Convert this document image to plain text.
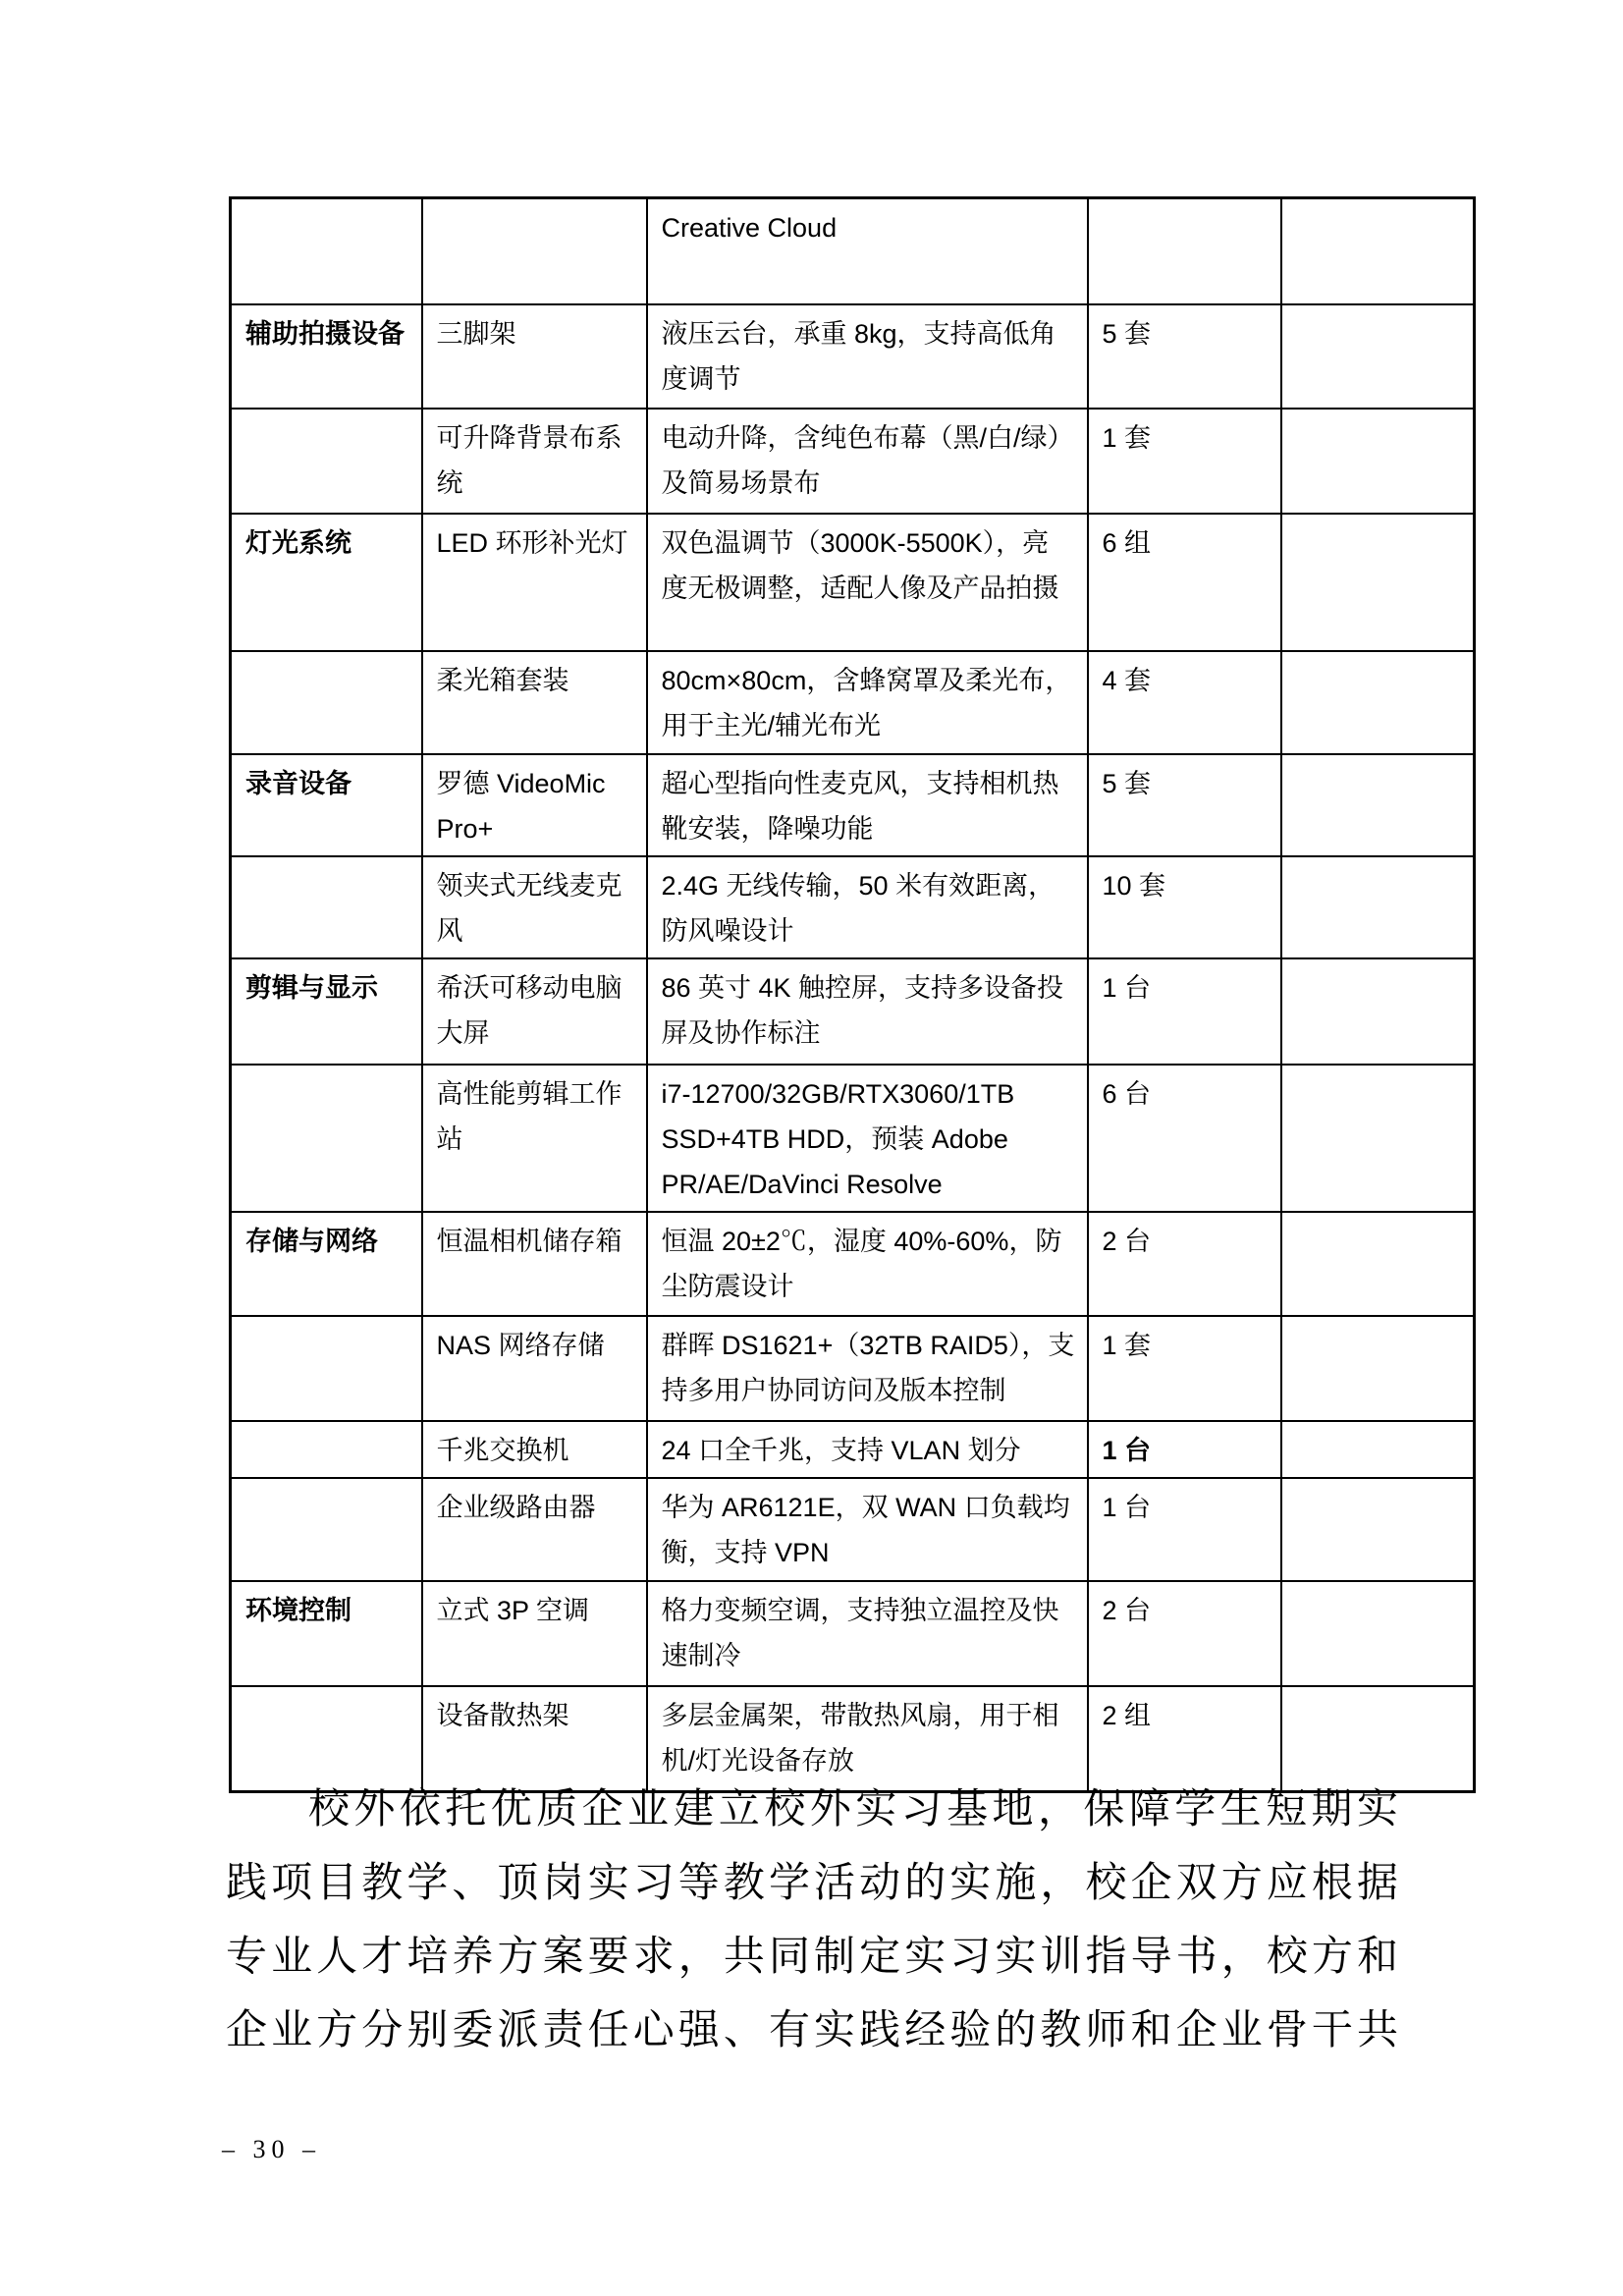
		Creative Cloud		
辅助拍摄设备	三脚架	液压云台，承重 8kg，支持高低角度调节	5 套	
	可升降背景布系统	电动升降，含纯色布幕（黑/白/绿）及简易场景布	1 套	
灯光系统	LED 环形补光灯	双色温调节（3000K-5500K），亮度无极调整，适配人像及产品拍摄	6 组	
	柔光箱套装	80cm×80cm，含蜂窝罩及柔光布，用于主光/辅光布光	4 套	
录音设备	罗德 VideoMic Pro+	超心型指向性麦克风，支持相机热靴安装，降噪功能	5 套	
	领夹式无线麦克风	2.4G 无线传输，50 米有效距离，防风噪设计	10 套	
剪辑与显示	希沃可移动电脑大屏	86 英寸 4K 触控屏，支持多设备投屏及协作标注	1 台	
	高性能剪辑工作站	i7-12700/32GB/RTX3060/1TB SSD+4TB HDD，预装 Adobe PR/AE/DaVinci Resolve	6 台	
存储与网络	恒温相机储存箱	恒温 20±2℃，湿度 40%-60%，防尘防震设计	2 台	
	NAS 网络存储	群晖 DS1621+（32TB RAID5），支持多用户协同访问及版本控制	1 套	
	千兆交换机	24 口全千兆，支持 VLAN 划分	1 台	
	企业级路由器	华为 AR6121E，双 WAN 口负载均衡，支持 VPN	1 台	
环境控制	立式 3P 空调	格力变频空调，支持独立温控及快速制冷	2 台	
	设备散热架	多层金属架，带散热风扇，用于相机/灯光设备存放	2 组	
校外依托优质企业建立校外实习基地，保障学生短期实
践项目教学、顶岗实习等教学活动的实施，校企双方应根据
专业人才培养方案要求，共同制定实习实训指导书，校方和
企业方分别委派责任心强、有实践经验的教师和企业骨干共
– 30 –
